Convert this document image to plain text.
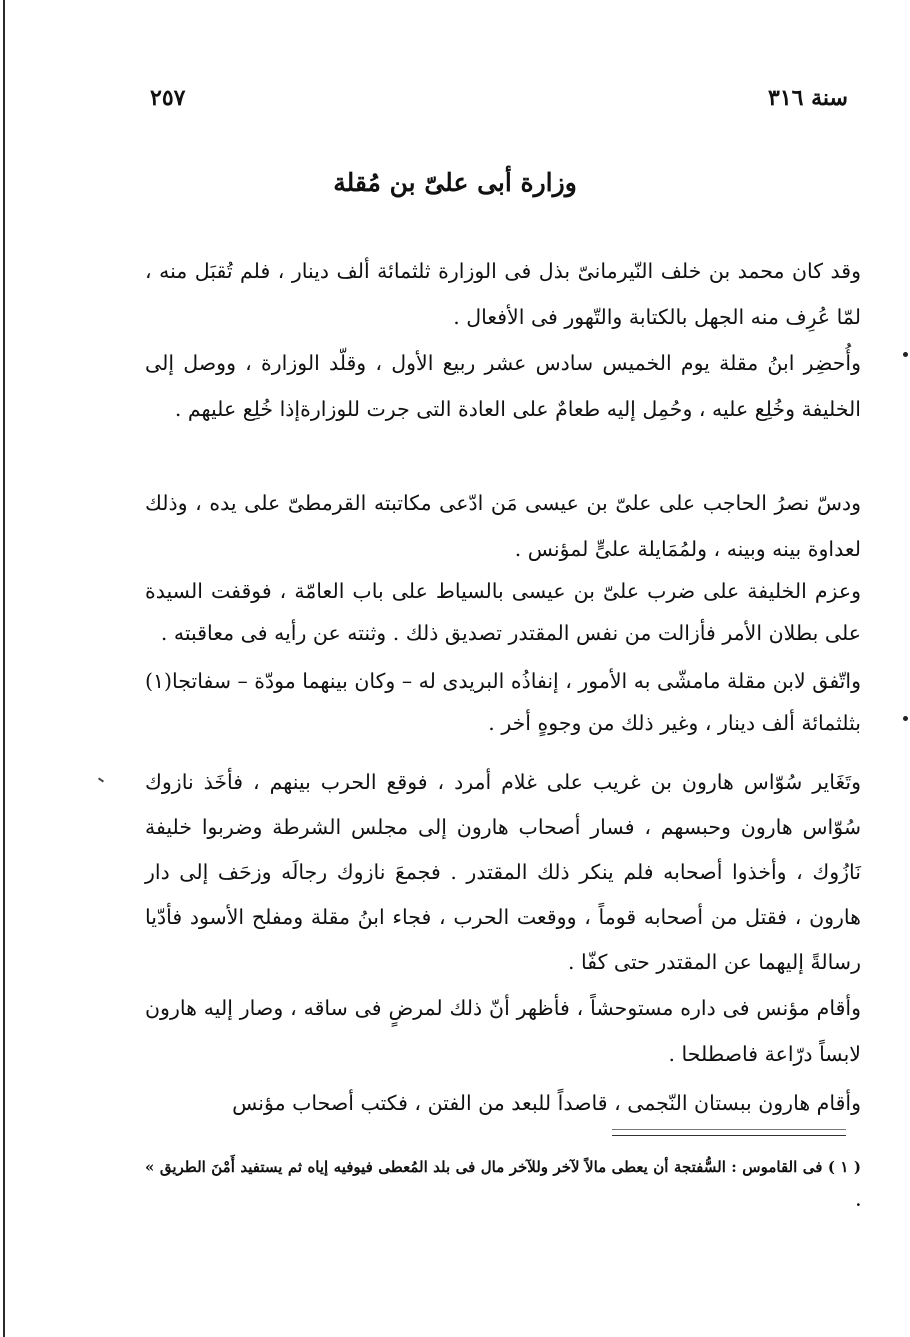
سنة ٣١٦
٢٥٧
وزارة أبى علىّ بن مُقلة

وقد كان محمد بن خلف النّيرمانىّ بذل فى الوزارة ثلثمائة ألف دينار ، فلم تُقبَل منه ، لمّا عُرِف منه الجهل بالكتابة والتّهور فى الأفعال .

وأُحضِر ابنُ مقلة يوم الخميس سادس عشر ربيع الأول ، وقلّد الوزارة ، ووصل إلى الخليفة وخُلِع عليه ، وحُمِل إليه طعامٌ على العادة التى جرت للوزارةإذا خُلِع عليهم .

ودسّ نصرُ الحاجب على علىّ بن عيسى مَن ادّعى مكاتبته القرمطىّ على يده ، وذلك لعداوة بينه وبينه ، ولمُمَايلة علىٍّ لمؤنس .

وعزم الخليفة على ضرب علىّ بن عيسى بالسياط على باب العامّة ، فوقفت السيدة على بطلان الأمر فأزالت من نفس المقتدر تصديق ذلك . وثنته عن رأيه فى معاقبته .

واتّفق لابن مقلة مامشّى به الأمور ، إنفاذُه البريدى له – وكان بينهما مودّة – سفاتجا(١) بثلثمائة ألف دينار ، وغير ذلك من وجوهٍ أخر .

وتَغَاير سُوّاس هارون بن غريب على غلام أمرد ، فوقع الحرب بينهم ، فأخَذ نازوك سُوّاس هارون وحبسهم ، فسار أصحاب هارون إلى مجلس الشرطة وضربوا خليفة نَازُوك ، وأخذوا أصحابه فلم ينكر ذلك المقتدر . فجمعَ نازوك رجالَه وزحَف إلى دار هارون ، فقتل من أصحابه قوماً ، ووقعت الحرب ، فجاء ابنُ مقلة ومفلح الأسود فأدّيا رسالةً إليهما عن المقتدر حتى كفّا .

وأقام مؤنس فى داره مستوحشاً ، فأظهر أنّ ذلك لمرضٍ فى ساقه ، وصار إليه هارون لابساً درّاعة فاصطلحا .

وأقام هارون ببستان النّجمى ، قاصداً للبعد من الفتن ، فكتب أصحاب مؤنس

( ١ ) فى القاموس : السُّفتجة أن يعطى مالاً لآخر وللآخر مال فى بلد المُعطى فيوفيه إياه ثم يستفيد أَمْنَ الطريق » .
